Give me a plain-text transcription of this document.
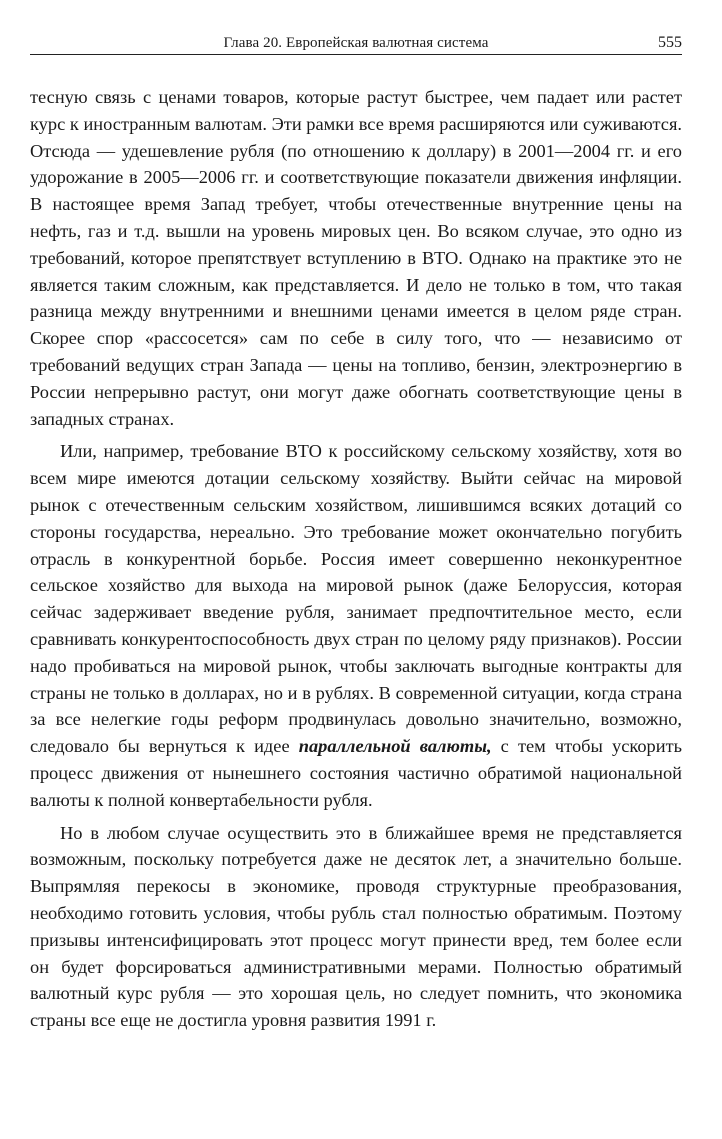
Глава 20. Европейская валютная система	555

тесную связь с ценами товаров, которые растут быстрее, чем падает или растет курс к иностранным валютам. Эти рамки все время расширяются или суживаются. Отсюда — удешевление рубля (по отношению к доллару) в 2001—2004 гг. и его удорожание в 2005—2006 гг. и соответствующие показатели движения инфляции. В настоящее время Запад требует, чтобы отечественные внутренние цены на нефть, газ и т.д. вышли на уровень мировых цен. Во всяком случае, это одно из требований, которое препятствует вступлению в ВТО. Однако на практике это не является таким сложным, как представляется. И дело не только в том, что такая разница между внутренними и внешними ценами имеется в целом ряде стран. Скорее спор «рассосется» сам по себе в силу того, что — независимо от требований ведущих стран Запада — цены на топливо, бензин, электроэнергию в России непрерывно растут, они могут даже обогнать соответствующие цены в западных странах.

Или, например, требование ВТО к российскому сельскому хозяйству, хотя во всем мире имеются дотации сельскому хозяйству. Выйти сейчас на мировой рынок с отечественным сельским хозяйством, лишившимся всяких дотаций со стороны государства, нереально. Это требование может окончательно погубить отрасль в конкурентной борьбе. Россия имеет совершенно неконкурентное сельское хозяйство для выхода на мировой рынок (даже Белоруссия, которая сейчас задерживает введение рубля, занимает предпочтительное место, если сравнивать конкурентоспособность двух стран по целому ряду признаков). России надо пробиваться на мировой рынок, чтобы заключать выгодные контракты для страны не только в долларах, но и в рублях. В современной ситуации, когда страна за все нелегкие годы реформ продвинулась довольно значительно, возможно, следовало бы вернуться к идее параллельной валюты, с тем чтобы ускорить процесс движения от нынешнего состояния частично обратимой национальной валюты к полной конвертабельности рубля.

Но в любом случае осуществить это в ближайшее время не представляется возможным, поскольку потребуется даже не десяток лет, а значительно больше. Выпрямляя перекосы в экономике, проводя структурные преобразования, необходимо готовить условия, чтобы рубль стал полностью обратимым. Поэтому призывы интенсифицировать этот процесс могут принести вред, тем более если он будет форсироваться административными мерами. Полностью обратимый валютный курс рубля — это хорошая цель, но следует помнить, что экономика страны все еще не достигла уровня развития 1991 г.
